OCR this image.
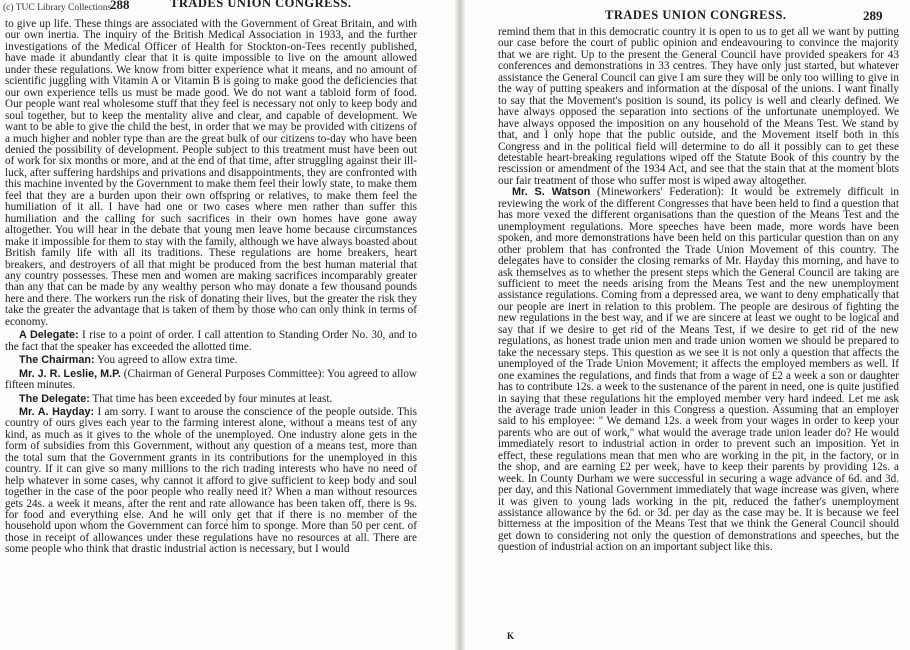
(c) TUC Library Collections
288	TRADES UNION CONGRESS.

to give up life. These things are associated with the Government of Great Britain, and with our own inertia. The inquiry of the British Medical Association in 1933, and the further investigations of the Medical Officer of Health for Stockton-on-Tees recently published, have made it abundantly clear that it is quite impossible to live on the amount allowed under these regulations. We know from bitter experience what it means, and no amount of scientific juggling with Vitamin A or Vitamin B is going to make good the deficiencies that our own experience tells us must be made good. We do not want a tabloid form of food. Our people want real wholesome stuff that they feel is necessary not only to keep body and soul together, but to keep the mentality alive and clear, and capable of development. We want to be able to give the child the best, in order that we may be provided with citizens of a much higher and nobler type than are the great bulk of our citizens to-day who have been denied the possibility of development. People subject to this treatment must have been out of work for six months or more, and at the end of that time, after struggling against their ill-luck, after suffering hardships and privations and disappointments, they are confronted with this machine invented by the Government to make them feel their lowly state, to make them feel that they are a burden upon their own offspring or relatives, to make them feel the humiliation of it all. I have had one or two cases where men rather than suffer this humiliation and the calling for such sacrifices in their own homes have gone away altogether. You will hear in the debate that young men leave home because circumstances make it impossible for them to stay with the family, although we have always boasted about British family life with all its traditions. These regulations are home breakers, heart breakers, and destroyers of all that might be produced from the best human material that any country possesses. These men and women are making sacrifices incomparably greater than any that can be made by any wealthy person who may donate a few thousand pounds here and there. The workers run the risk of donating their lives, but the greater the risk they take the greater the advantage that is taken of them by those who can only think in terms of economy.

A Delegate: I rise to a point of order. I call attention to Standing Order No. 30, and to the fact that the speaker has exceeded the allotted time.

The Chairman: You agreed to allow extra time.

Mr. J. R. Leslie, M.P. (Chairman of General Purposes Committee): You agreed to allow fifteen minutes.

The Delegate: That time has been exceeded by four minutes at least.

Mr. A. Hayday: I am sorry. I want to arouse the conscience of the people outside. This country of ours gives each year to the farming interest alone, without a means test of any kind, as much as it gives to the whole of the unemployed. One industry alone gets in the form of subsidies from this Government, without any question of a means test, more than the total sum that the Government grants in its contributions for the unemployed in this country. If it can give so many millions to the rich trading interests who have no need of help whatever in some cases, why cannot it afford to give sufficient to keep body and soul together in the case of the poor people who really need it? When a man without resources gets 24s. a week it means, after the rent and rate allowance has been taken off, there is 9s. for food and everything else. And he will only get that if there is no member of the household upon whom the Government can force him to sponge. More than 50 per cent. of those in receipt of allowances under these regulations have no resources at all. There are some people who think that drastic industrial action is necessary, but I would

TRADES UNION CONGRESS.	289

remind them that in this democratic country it is open to us to get all we want by putting our case before the court of public opinion and endeavouring to convince the majority that we are right. Up to the present the General Council have provided speakers for 43 conferences and demonstrations in 33 centres. They have only just started, but whatever assistance the General Council can give I am sure they will be only too willing to give in the way of putting speakers and information at the disposal of the unions. I want finally to say that the Movement's position is sound, its policy is well and clearly defined. We have always opposed the separation into sections of the unfortunate unemployed. We have always opposed the imposition on any household of the Means Test. We stand by that, and I only hope that the public outside, and the Movement itself both in this Congress and in the political field will determine to do all it possibly can to get these detestable heart-breaking regulations wiped off the Statute Book of this country by the rescission or amendment of the 1934 Act, and see that the stain that at the moment blots our fair treatment of those who suffer most is wiped away altogether.

Mr. S. Watson (Mineworkers' Federation): It would be extremely difficult in reviewing the work of the different Congresses that have been held to find a question that has more vexed the different organisations than the question of the Means Test and the unemployment regulations. More speeches have been made, more words have been spoken, and more demonstrations have been held on this particular question than on any other problem that has confronted the Trade Union Movement of this country. The delegates have to consider the closing remarks of Mr. Hayday this morning, and have to ask themselves as to whether the present steps which the General Council are taking are sufficient to meet the needs arising from the Means Test and the new unemployment assistance regulations. Coming from a depressed area, we want to deny emphatically that our people are inert in relation to this problem. The people are desirous of fighting the new regulations in the best way, and if we are sincere at least we ought to be logical and say that if we desire to get rid of the Means Test, if we desire to get rid of the new regulations, as honest trade union men and trade union women we should be prepared to take the necessary steps. This question as we see it is not only a question that affects the unemployed of the Trade Union Movement; it affects the employed members as well. If one examines the regulations, and finds that from a wage of £2 a week a son or daughter has to contribute 12s. a week to the sustenance of the parent in need, one is quite justified in saying that these regulations hit the employed member very hard indeed. Let me ask the average trade union leader in this Congress a question. Assuming that an employer said to his employee: " We demand 12s. a week from your wages in order to keep your parents who are out of work," what would the average trade union leader do? He would immediately resort to industrial action in order to prevent such an imposition. Yet in effect, these regulations mean that men who are working in the pit, in the factory, or in the shop, and are earning £2 per week, have to keep their parents by providing 12s. a week. In County Durham we were successful in securing a wage advance of 6d. and 3d. per day, and this National Government immediately that wage increase was given, where it was given to young lads working in the pit, reduced the father's unemployment assistance allowance by the 6d. or 3d. per day as the case may be. It is because we feel bitterness at the imposition of the Means Test that we think the General Council should get down to considering not only the question of demonstrations and speeches, but the question of industrial action on an important subject like this.

K
